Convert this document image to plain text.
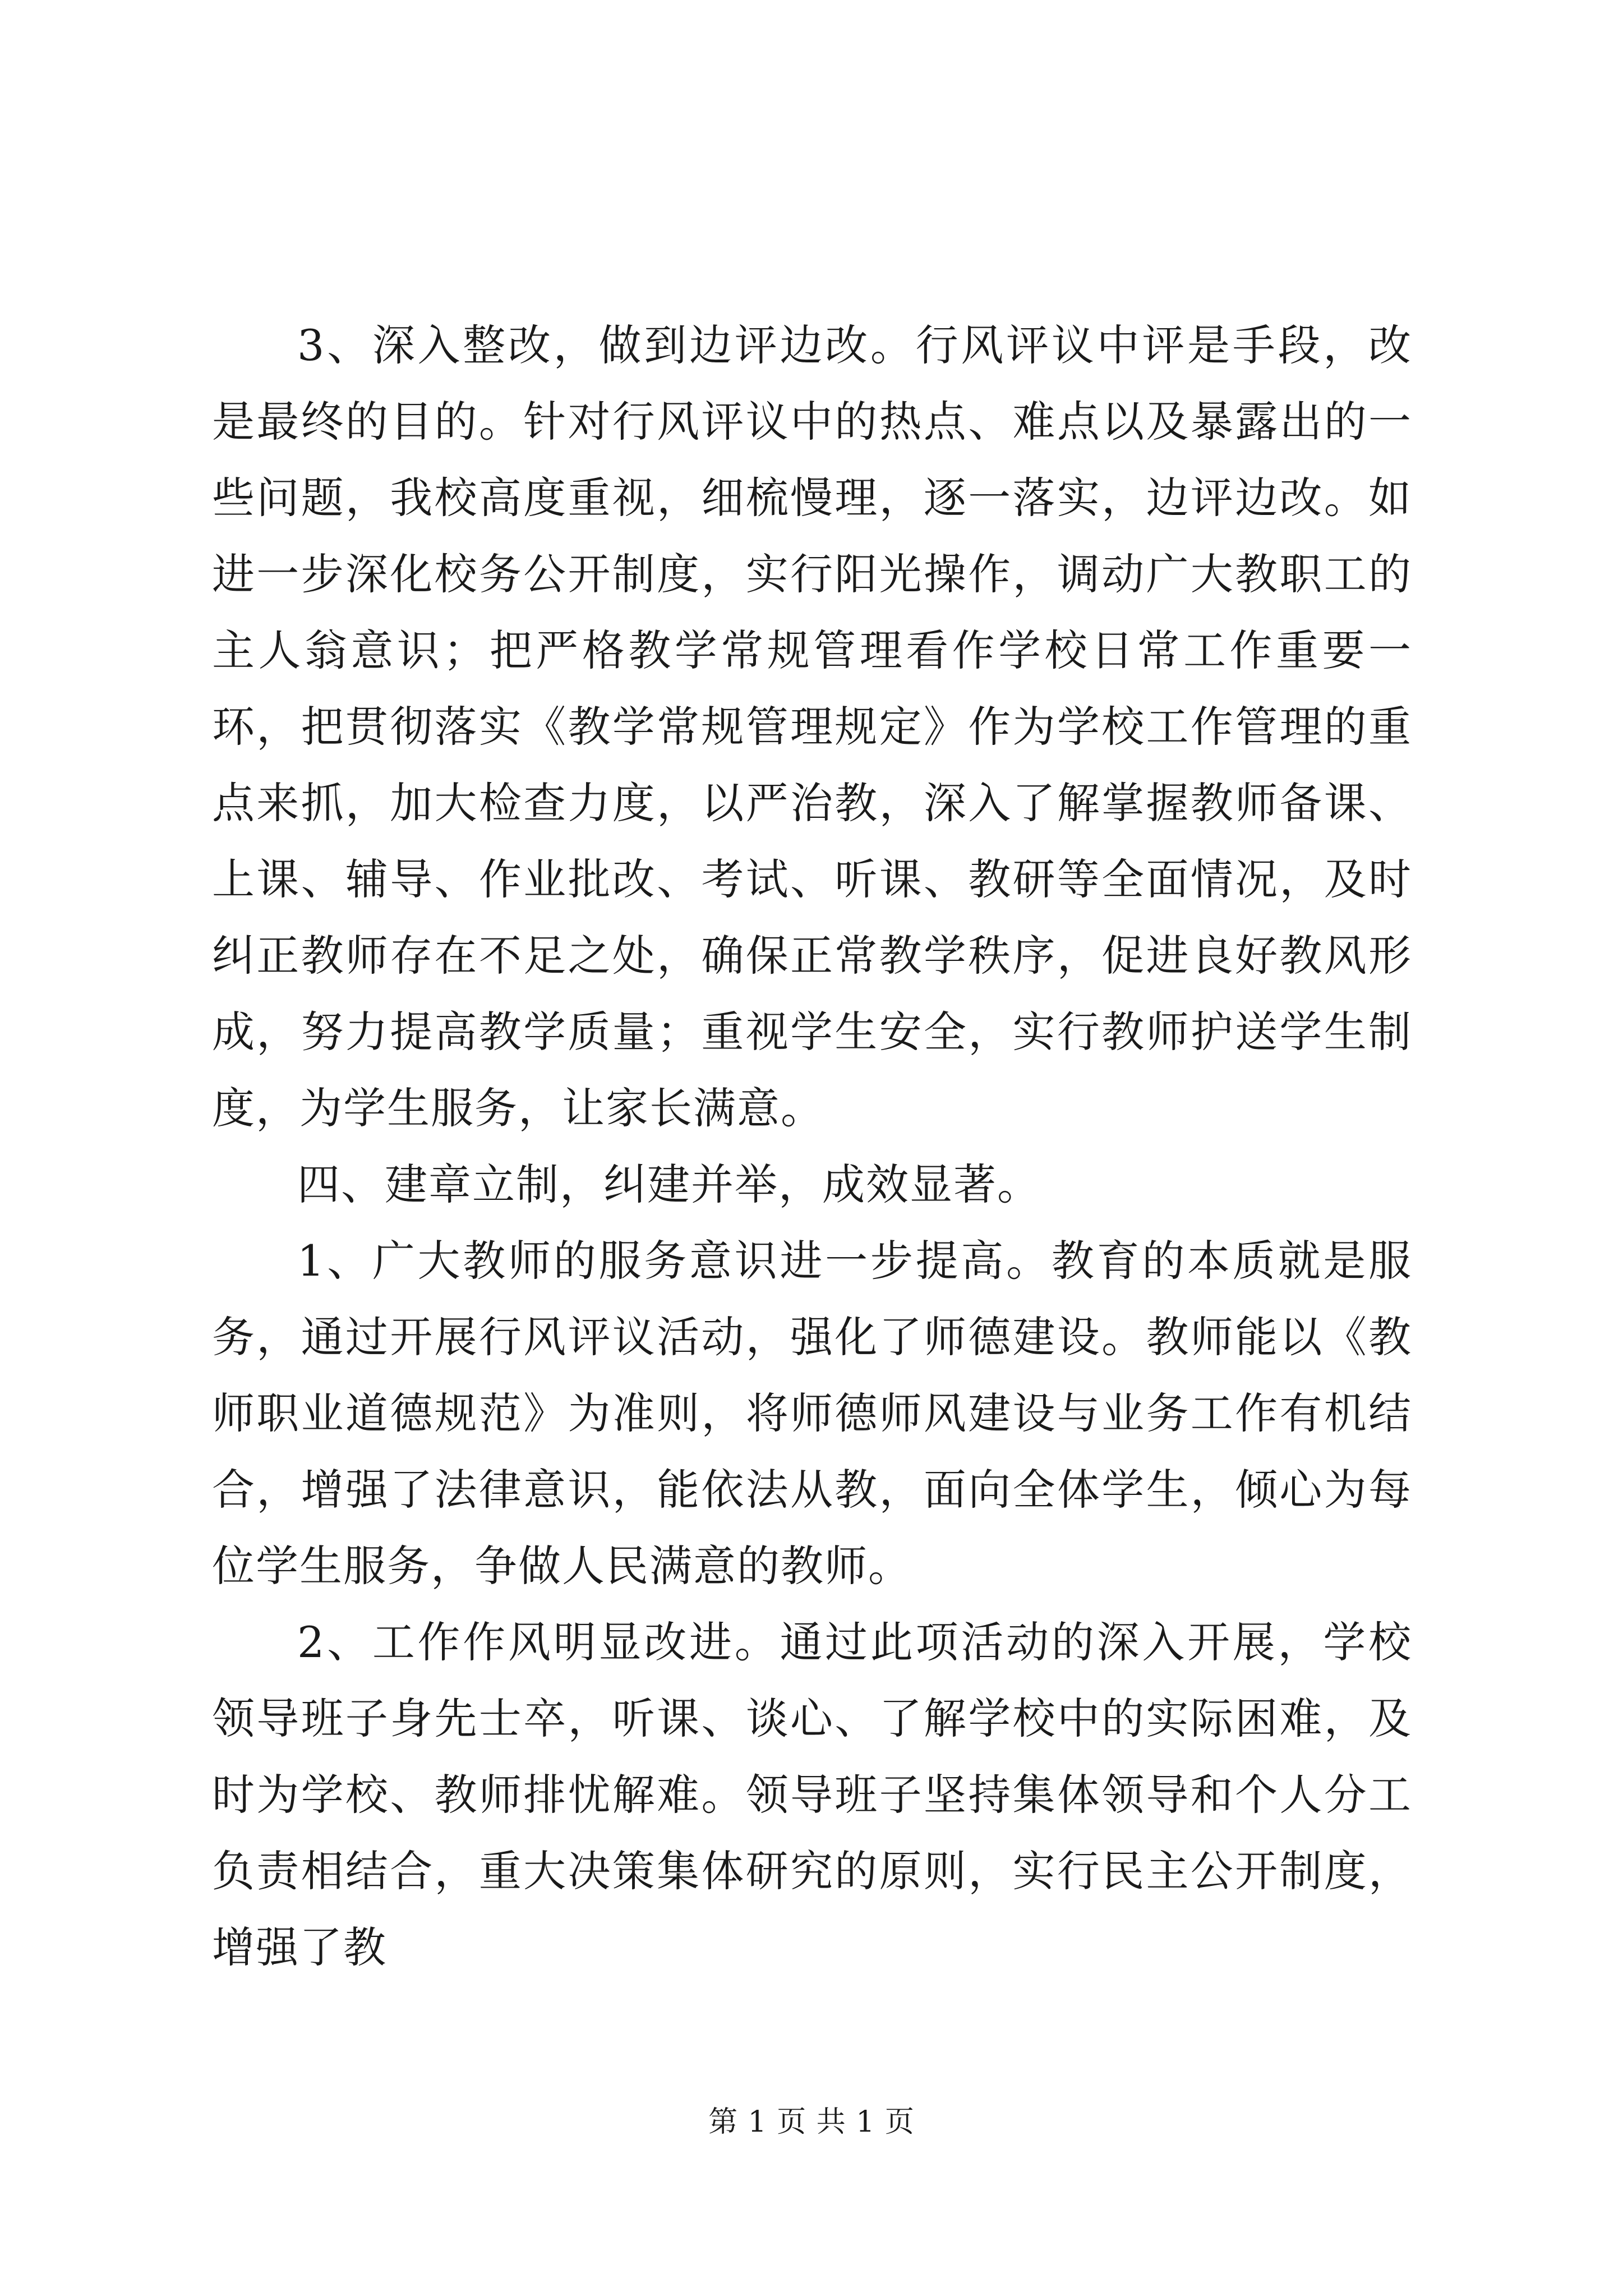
3、深入整改，做到边评边改。行风评议中评是手段，改是最终的目的。针对行风评议中的热点、难点以及暴露出的一些问题，我校高度重视，细梳慢理，逐一落实，边评边改。如进一步深化校务公开制度，实行阳光操作，调动广大教职工的主人翁意识；把严格教学常规管理看作学校日常工作重要一环，把贯彻落实《教学常规管理规定》作为学校工作管理的重点来抓，加大检查力度，以严治教，深入了解掌握教师备课、上课、辅导、作业批改、考试、听课、教研等全面情况，及时纠正教师存在不足之处，确保正常教学秩序，促进良好教风形成，努力提高教学质量；重视学生安全，实行教师护送学生制度，为学生服务，让家长满意。

四、建章立制，纠建并举，成效显著。

1、广大教师的服务意识进一步提高。教育的本质就是服务，通过开展行风评议活动，强化了师德建设。教师能以《教师职业道德规范》为准则，将师德师风建设与业务工作有机结合，增强了法律意识，能依法从教，面向全体学生，倾心为每位学生服务，争做人民满意的教师。

2、工作作风明显改进。通过此项活动的深入开展，学校领导班子身先士卒，听课、谈心、了解学校中的实际困难，及时为学校、教师排忧解难。领导班子坚持集体领导和个人分工负责相结合，重大决策集体研究的原则，实行民主公开制度，增强了教

第 1 页 共 1 页
